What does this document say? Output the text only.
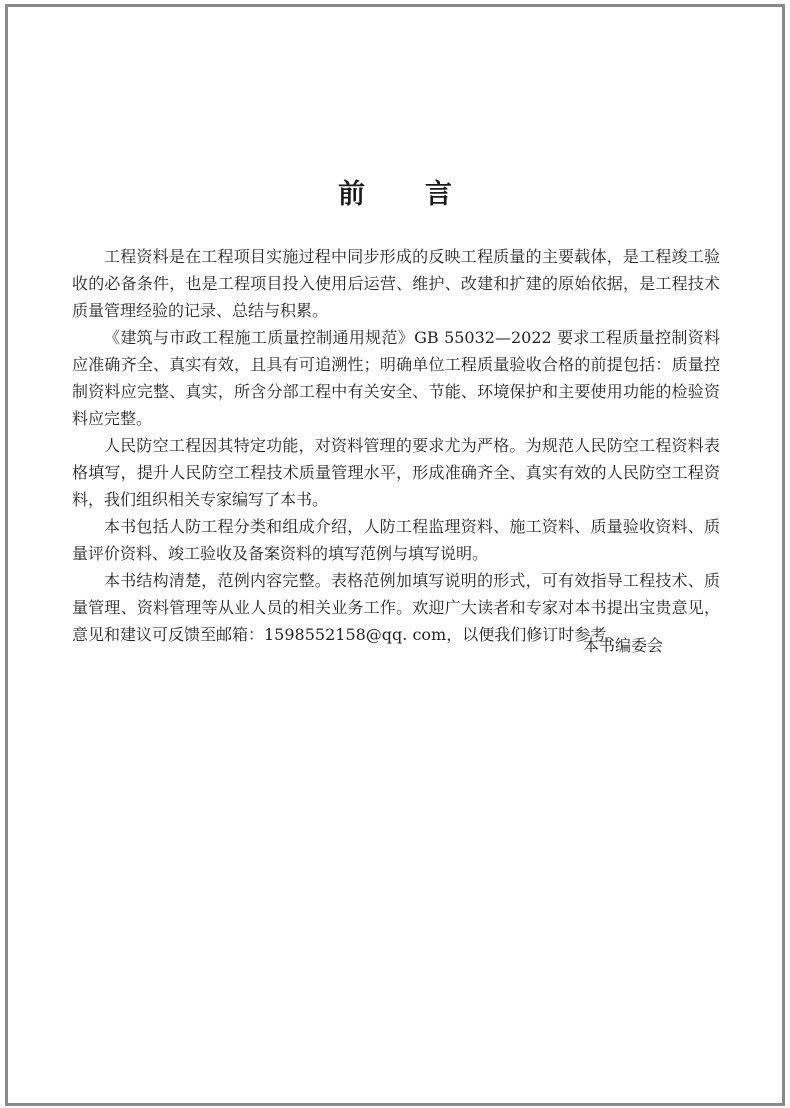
前 言

工程资料是在工程项目实施过程中同步形成的反映工程质量的主要载体，是工程竣工验收的必备条件，也是工程项目投入使用后运营、维护、改建和扩建的原始依据，是工程技术质量管理经验的记录、总结与积累。

《建筑与市政工程施工质量控制通用规范》GB 55032—2022 要求工程质量控制资料应准确齐全、真实有效，且具有可追溯性；明确单位工程质量验收合格的前提包括：质量控制资料应完整、真实，所含分部工程中有关安全、节能、环境保护和主要使用功能的检验资料应完整。

人民防空工程因其特定功能，对资料管理的要求尤为严格。为规范人民防空工程资料表格填写，提升人民防空工程技术质量管理水平，形成准确齐全、真实有效的人民防空工程资料，我们组织相关专家编写了本书。

本书包括人防工程分类和组成介绍，人防工程监理资料、施工资料、质量验收资料、质量评价资料、竣工验收及备案资料的填写范例与填写说明。

本书结构清楚，范例内容完整。表格范例加填写说明的形式，可有效指导工程技术、质量管理、资料管理等从业人员的相关业务工作。欢迎广大读者和专家对本书提出宝贵意见，意见和建议可反馈至邮箱：1598552158@qq. com，以便我们修订时参考。

本书编委会
